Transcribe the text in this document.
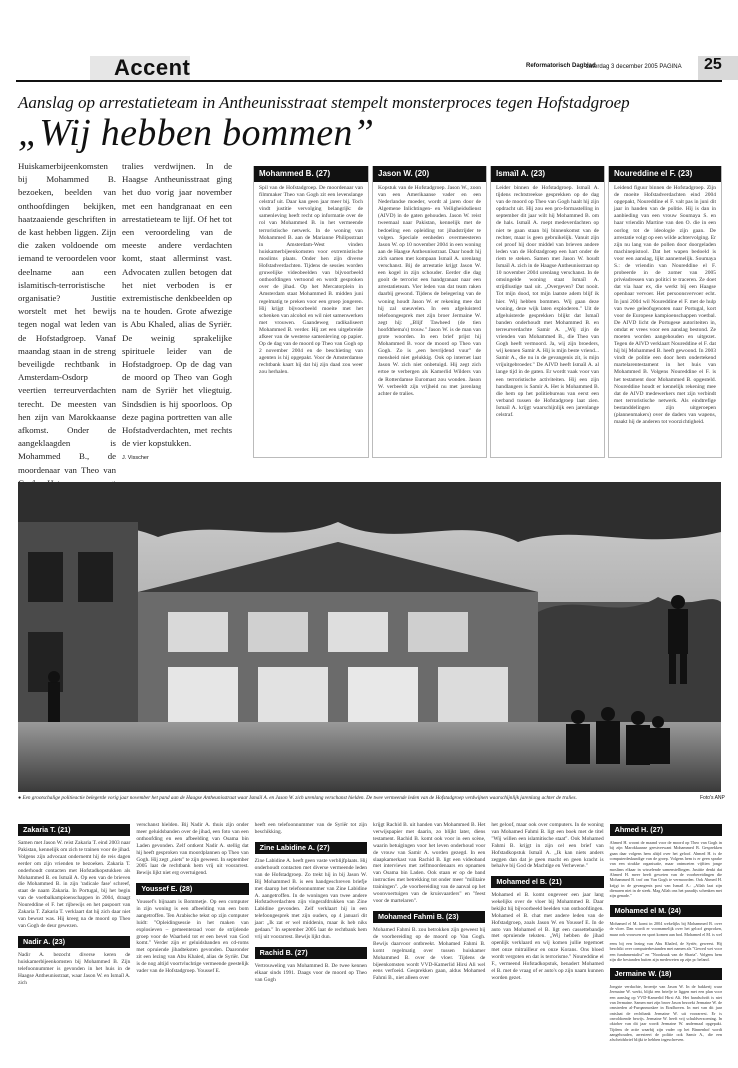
Accent	Reformatorisch Dagblad
zaterdag 3 december 2005 PAGINA 25
Aanslag op arrestatieteam in Antheunisstraat stempelt monsterproces tegen Hofstadgroep
„Wij hebben bommen”
Huiskamerbijeenkomsten bij Mohammed B. bezoeken, beelden van onthoofdingen bekijken, haatzaaiende geschriften in de kast hebben liggen. Zijn die zaken voldoende om iemand te veroordelen voor deelname aan een islamitisch-terroristische organisatie? Justitie worstelt met het bewijs tegen nogal wat leden van de Hofstadgroep. Vanaf maandag staan in de streng beveiligde rechtbank in Amsterdam-Osdorp veertien terreurverdachten terecht. De meesten van hen zijn van Marokkaanse afkomst. Onder de aangeklaagden is Mohammed B., de moordenaar van Theo van
tralies verdwijnen. In de Haagse Antheunisstraat ging het duo vorig jaar november met een handgranaat en een arrestatieteam te lijf. Of het tot een veroordeling van de meeste andere verdachten komt, staat allerminst vast. Advocaten zullen betogen dat het niet verboden is er extremistische denkbeelden op na te houden. Grote afwezige is Abu Khaled, alias de Syriër. De weinig sprakelijke spirituele leider van de Hofstadgroep. Op de dag van de moord op Theo van Gogh nam de Syriër het vliegtuig. Sindsdien is hij spoorloos. Op deze pagina portretten van alle Hofstadverdachten, met rechts de vier kopstukken.
J. Visscher
Mohammed B. (27)
Spil van de Hofstadgroep. De moordenaar van filmmaker Theo van Gogh zit een levenslange celstraf uit. Daar kan geen jaar meer bij. Toch vindt justitie vervolging belangrijk: de samenleving heeft recht op informatie over de rol van Mohammed B. in het vermeende terroristische netwerk. In de woning van Mohammed B. aan de Marianne Philipsstraat in Amsterdam-West vinden huiskamerbijeenkomsten voor extremistische moslims plaats. Onder hen zijn diverse Hofstadverdachten. Tijdens de sessies worden gruwelijke videobeelden van bijvoorbeeld onthoofdingen vertoond en wordt gesproken over de jihad. Op het Mercatorplein in Amsterdam staat Mohammed B. midden juni regelmatig te preken voor een groep jongeren. Hij krijgt bijvoorbeeld moeite met het schenken van alcohol en wil niet samenwerken met vrouwen. Gaandeweg radikaliseert Mohammed B. verder. Hij zet een uitgebreide afkeer van de westerse samenleving op papier. Op de dag van de moord op Theo van Gogh op 2 november 2004 en de beschieting van agenten is hij opgepakt. Voor de Amsterdamse rechtbank kaart hij dat hij zijn daad zou weer zou herhalen.
Jason W. (20)
Kopstuk van de Hofstadgroep. Jason W., zoon van een Amerikaanse vader en een Nederlandse moeder, wordt al jaren door de Algemene Inlichtingen- en Veiligheidsdienst (AIVD) in de gaten gehouden. Jason W. reist tweemaal naar Pakistan, kennelijk met de bedoeling een opleiding tot jihadstrijder te volgen. Speciale eenheden overmeesteren Jason W. op 10 november 2004 in een woning aan de Haagse Antheunisstraat. Daar houdt hij zich samen met kompaan Ismail A. urenlang verschanst. Bij de arrestatie krijgt Jason W. een kogel in zijn schouder. Eerder die dag gooit de terrorist een handgranaat naar een arrestatieteam. Vier leden van dat team raken daarbij gewond. Tijdens de belegering van de woning houdt Jason W. er rekening mee dat hij zal sneuvelen. In een afgeluisterd telefoongesprek met zijn broer Jermaine W. zegt hij: „Blijf Tawheed (de tien hoofdthema's) trouw." Jason W. is de man van grote woorden. In een brief prijst hij Mohammed B. voor de moord op Theo van Gogh. Zo is „een bevrijdend vuur" de mensheid niet gelukkig. Ook op internet laat Jason W. zich niet onbetuigd. Hij zegt zich ertoe te verbergen als Kamerlid Wilders van de Rotterdamse Euromast zou wonden. Jason W. verbeeldt zijn vrijheid nu met jarenlang achter de tralies.
Ismaïl A. (23)
Leider binnen de Hofstadgroep. Ismaïl A. tijdens rechtstreekse gesprekken op de dag van de moord op Theo van Gogh haalt hij zijn opdracht uit. Hij zou een pro-formastelling in september dit jaar wilt hij Mohammed B. om de hals. Ismaïl A. roept medeverdachten op niet te gaan staan bij binnenkomst van de rechter, maar is geen gebruikelijk. Vanuit zijn cel proof hij door middel van brieven andere leden van de Hofstadgroep een hart onder de riem te steken. Samen met Jason W. houdt Ismaïl A. zich in de Haagse Antheunisstraat op 10 november 2004 urenlang verschanst. In de omsingelde woning staat Ismaïl A. strijdlustige taal uit. „Overgeven? Dat nooit. Tot mijn dood, tot mijn laatste adem blijf ik hier. Wij hebben bommen. Wij gaan deze woning, deze wijk laten exploderen." Uit de afgeluisterde gesprekken blijkt dat Ismaïl banden onderhoudt met Mohammed B. en terreurverdachte Samir A. „Wij zijn de vrienden van Mohammed B., die Theo van Gogh heeft vermoord. Ja, wij zijn broeders, wij kennen Samir A. Hij is mijn beste vriend... Samir A., die nu in de gevangenis zit, is mijn vrijuitgebroeder." De AIVD heeft Ismaïl A. al lange tijd in de gaten. Er wordt vaak voor van een terroristische activiteiten. Hij een zijn handlangers is Samir A. Het is Mohammed B. die hem op het politiebureau van eerst een verband tussen de Hofstadgroep laat zien. Ismaïl A. krijgt waarschijnlijk een jarenlange celstraf.
Noureddine el F. (23)
Leidend figuur binnen de Hofstadgroep. Zijn de moeite Hofstadverdachten eind 2004 opgepakt, Noureddine el F. valt pas in juni dit jaar in handen van de politie. Hij is dan in aanbieding van een vrouw Soumaya S. en haar vriendin Martine van den O. die in een oorlog tot de ideologie zijn gaan. De arrestatie volgt op een wilde achtervolging. Er zijn nu lang van de pollen door doorgeladen machinepistool. Dat het wapen bedoeld is voor een aanslag, lijkt aannemelijk. Soumaya S.: de vriendin van Noureddine el F. probeerde in de zomer van 2005 privéadressen van politici te traceren. Ze doet dat via haar ex, die werkt bij een Haagse openbaar vervoer. Het persoonsvervoer echt. In juni 2004 wil Noureddine el F. met de hulp van twee geleofsgenoten naar Portugal, kort voor de Europese kampioenschappen voetbal. De AIVD licht de Portugese autoriteiten in, omdat er vrees voor een aanslag bestond. Ze moeten worden aangehouden en uitgezet. Tegen de AIVD verklaart Noureddine el F. dat hij bij Mohammed B. heeft gewoond. In 2003 vindt de politie een door hem ondertekend martelarentestament in het huis van Mohammed B. Volgens Noureddine el F. is het testament door Mohammed B. opgesteld. Noureddine houdt er kennelijk rekening mee dat de AIVD medewerkers met zijn verbindt met terroristische netwerk. Als eindtrefige bestanddelingen zijn uitgeroepen (plannenmakers) over de daders van wapens, maakt hij de anderen tot voorzichtigheid.
● Een grootschalige politieactie belegerde vorig jaar november het pand aan de Haagse Antheunisstraat waar Ismaïl A. en Jason W. zich urenlang verschanst hielden. De twee vermeende leden van de Hofstadgroep verdwijnen waarschijnlijk jarenlang achter de tralies.	Foto's ANP
Zakaria T. (21)
Samen met Jason W. reist Zakaria T. eind 2003 naar Pakistan, kennelijk om zich te trainen voor de jihad. Volgens zijn advocaat ondernemt hij de reis dagen eerder om zijn vrienden te bezoeken. Zakaria T. onderhoudt contacten met Hofstadkopstukken als Mohammed B. en Ismaïl A. Op een van de brieven die Mohammed B. in zijn 'radicale fase' schreef, staat de naam Zakaria. In Portugal, bij het begin van de voetbalkampioenschappen in 2004, draagt Noureddine el F. het rijbewijs en het paspoort van Zakaria T. Zakaria T. verklaart dat hij zich daar niet van bewust was. Hij kreeg na de moord op Theo van Gogh de deur gewezen.
Nadir A. (23)
Nadir A. bezocht diverse keren de huiskamerbijeenkomsten bij Mohammed B. Zijn telefoonnummer is gevonden in het huis in de Haagse Antheunisstraat, waar Jason W. en Ismaïl A. zich
verschanst hielden. Bij Nadir A. thuis zijn onder meer geluidsbanden over de jihad, een foto van een onthoofding en een afbeelding van Osama bin Laden gevonden. Zelf ontkent Nadir A. stellig dat hij heeft gesproken van moordplannen op Theo van Gogh. Hij zegt „niets" te zijn geweest. In september 2005 laat de rechtbank hem vrij uit voorarrest. Bewijs lijkt niet erg overtuigend.
Youssef E. (28)
Youssef's bijnaam is Bommetje. Op een computer in zijn woning is een afbeelding van een bom aangetroffen. Ten Arabische tekst op zijn computer luidt: "Opleidingsessie in het maken van explosieven – gemeenteraad voor de strijdende groep voor de Waarheid tot er een bevel van God komt." Verder zijn er geluidsbanden en cd-roms met opruiende jihadteksten gevonden. Daaronder zit een lezing van Abu Khaled, alias de Syriër. Dat is de nog altijd voortvluchtige vermeende geestelijk vader van de Hofstadgroep. Youssef E.
heeft een telefoonnummer van de Syriër tot zijn beschikking.
Zine Labidine A. (27)
Zine Labidine A. heeft geen vaste verblijfplaats. Hij onderhoudt contacten met diverse vermeende leden van de Hofstadgroep. Zo trekt hij in bij Jason W. Bij Mohammed B. is een handgeschreven briefje met daarop het telefoonnummer van Zine Labidine A. aangetroffen. In de woningen van twee andere Hofstadverdachten zijn vingerafdrukken van Zine Labidine gevonden. Zelf verklaart hij in een telefoongesprek met zijn ouders, op 4 januari dit jaar: „Ik zat er wel middenin, maar ik heb niks gedaan." In september 2005 laat de rechtbank hem vrij uit voorarrest. Bewijs lijkt dun.
Rachid B. (27)
Vertrouweling van Mohammed B. De twee kennen elkaar sinds 1991. Daags voor de moord op Theo van Gogh
krijgt Rachid B. uit handen van Mohammed B. Het verwijspapier met daarin, zo blijkt later, diens testament. Rachid B. komt ook voor in een scène, waarin betuigingen voor het leven onderhoud voor de vrouw van Samir A. worden gezegd. In een slaapkamerkast van Rachid B. ligt een videoband met interviews met zelfmoordenaars en opnamen van Osama bin Laden. Ook staan er op de band instructies met betrekking tot onder meer "militaire trainingen". „de voorbereiding van de aanval op het woonvoertuigen van de kruisvaarders" en "feest voor de martelaren".
Mohamed Fahmi B. (23)
Mohamed Fahmi B. zou betrokken zijn geweest bij de voorbereiding op de moord op Van Gogh. Bewijs daarvoor ontbreekt. Mohamed Fahmi B. komt regelmatig over tussen huiskamer Mohammed B. over de vloer. Tijdens de bijeenkomsten wordt VVD-Kamerlid Hirsi Ali wel eens verfoeid. Gesprekken gaan, aldus Mohamed Fahmi B., niet alleen over
het geloof, maar ook over computers. In de woning van Mohamed Fahmi B. ligt een boek met de titel "Wij willen een islamitische staat". Ook Mohamed Fahmi B. krijgt in zijn cel een brief van Hofstadkopstuk Ismaïl A. „Ik kan niets anders zeggen dan dat je geen macht en geen kracht is behalve bij God de Machtige en Verhevene."
Mohamed el B. (21)
Mohamed el B. komt ongeveer een jaar lang wekelijks over de vloer bij Mohammed B. Daar bekijkt hij bijvoorbeeld beelden van onthoofdingen. Mohamed el B. chat met andere leden van de Hofstadgroep, zoals Jason W. en Youssef E. In de auto van Mohamed el B. ligt een cassettebandje met opruiende teksten. „Wij hebben de jihad openlijk verklaard en wij komen jullie tegemoet met onze mitrailleur en onze Korans. Ons bloed wordt vergoten en dat is terrorisme." Noureddine el F., vermeend Hofstadkopstuk, benadert Mohamed el B. met de vraag of er auto's op zijn naam kunnen worden gezet.
Ahmed H. (27)
Ahmed H. woont de maand voor de moord op Theo van Gogh in bij zijn Marokkaanse geestverwant Mohammed B. Gesprekken gaan daar volgens hem altijd over het geloof. Ahmed H. is de computerdeskundige van de groep. Volgens hem is er geen sprake van een strakke organisatie, maar ontmoeten vijftien jonge moslims elkaar in wisselende samenstellingen. Justitie denkt dat Ahmed H. meer heeft geweten van de voorbereidingen die Mohammed B. trof om Van Gogh te vermoorden. Ook Ahmed H. krijgt in de gevangenis post van Ismaïl A.: „Allah laat zijn dienaren niet in de steek. Mag Allah ons het paradijs schenken met zijn genade."
Mohamed el M. (24)
Mohamed el M. komt in 2004 wekelijks bij Mohammed B. over de vloer. Dan wordt er voornamelijk over het geloof gesproken, maar ook vrouwen en sport komen aan bod. Mohamed el M. is wel
eens bij een lezing van Abu Khaled, de Syriër, geweest. Hij beschikt over computerbestanden met namen als "Gewed wet voor een fundamentalist" en "Noodzaak van de Sharia". Volgens hem zijn die bestanden buiten zijn medeweten op zijn pc beland.
Jermaine W. (18)
Jongste verdachte, broertje van Jason W. In de bakkerij waar Jermaine W. werkt, blijkt een briefje te liggen met een plan voor een aanslag op VVD-Kamerlid Hirsi Ali. Het handschrift is niet van Jermaine. Samen met zijn broer Jason bezoekt Jermaine W. de omstreden al-Furqanmoskee in Eindhoven. In mei van dit jaar ontslaat de rechtbank Jermaine W. uit voorarrest. Er is onvoldoende bewijs. Jermaine W. heeft vrij schuldverzoening. In oktober van dit jaar wordt Jermaine W. andermaal opgepakt. Tijdens de actie waarbij zijn vader op het Binnenhof wordt aangehouden, arresteert de politie ook Samir A., die een afscheidsbrief blijkt te hebben ingeschreven.
